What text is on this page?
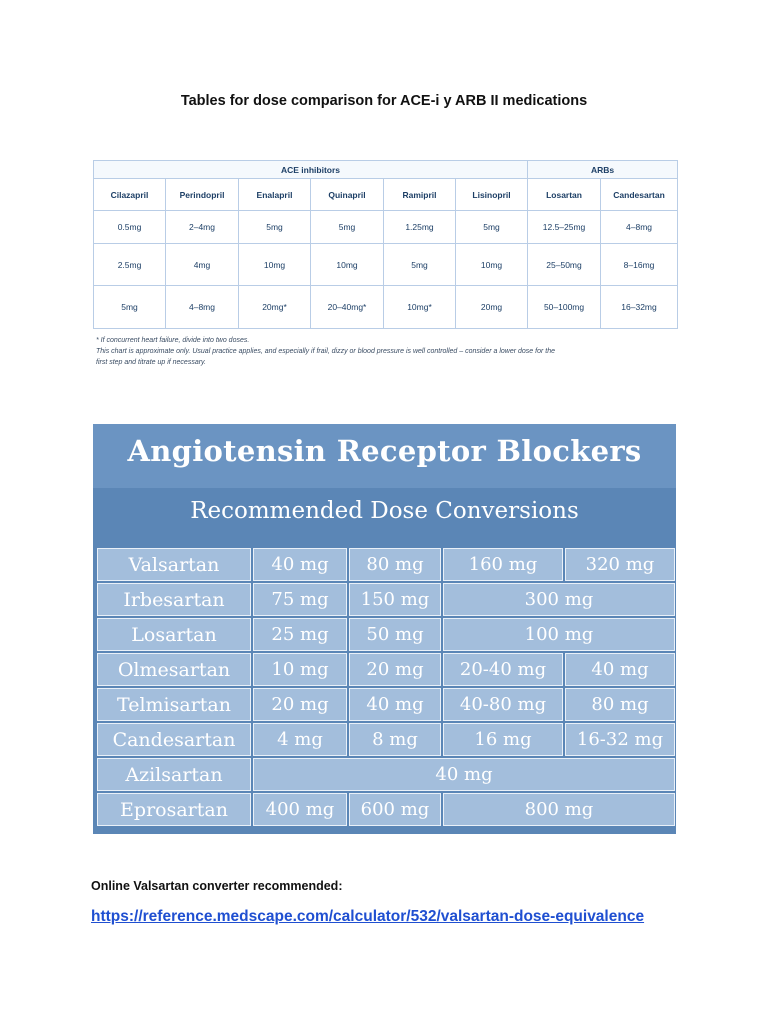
Tables for dose comparison for ACE-i y ARB II medications
ACE inhibitors						ARBs	
Cilazapril	Perindopril	Enalapril	Quinapril	Ramipril	Lisinopril	Losartan	Candesartan
0.5mg	2–4mg	5mg	5mg	1.25mg	5mg	12.5–25mg	4–8mg
2.5mg	4mg	10mg	10mg	5mg	10mg	25–50mg	8–16mg
5mg	4–8mg	20mg*	20–40mg*	10mg*	20mg	50–100mg	16–32mg
* If concurrent heart failure, divide into two doses.
This chart is approximate only. Usual practice applies, and especially if frail, dizzy or blood pressure is well controlled – consider a lower dose for the
first step and titrate up if necessary.
Angiotensin Receptor Blockers
Recommended Dose Conversions
Valsartan	40 mg	80 mg	160 mg	320 mg
Irbesartan	75 mg	150 mg	300 mg
Losartan	25 mg	50 mg	100 mg
Olmesartan	10 mg	20 mg	20-40 mg	40 mg
Telmisartan	20 mg	40 mg	40-80 mg	80 mg
Candesartan	4 mg	8 mg	16 mg	16-32 mg
Azilsartan	40 mg
Eprosartan	400 mg	600 mg	800 mg
Online Valsartan converter recommended:
https://reference.medscape.com/calculator/532/valsartan-dose-equivalence
